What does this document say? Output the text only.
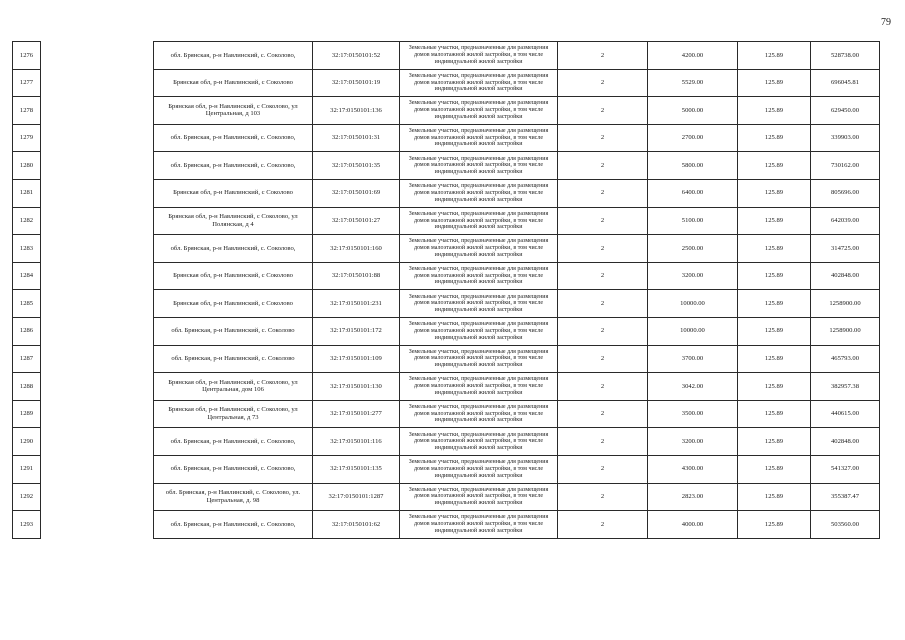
79
1276		обл. Брянская, р-н Навлинский, с. Соколово,	32:17:0150101:52	Земельные участки, предназначенные для размещения домов малоэтажной жилой застройки, в том числе индивидуальной жилой застройки	2	4200.00	125.89	528738.00
1277		Брянская обл, р-н Навлинский, с Соколово	32:17:0150101:19	Земельные участки, предназначенные для размещения домов малоэтажной жилой застройки, в том числе индивидуальной жилой застройки	2	5529.00	125.89	696045.81
1278		Брянская обл, р-н Навлинский, с Соколово, ул Центральная, д 103	32:17:0150101:136	Земельные участки, предназначенные для размещения домов малоэтажной жилой застройки, в том числе индивидуальной жилой застройки	2	5000.00	125.89	629450.00
1279		обл. Брянская, р-н Навлинский, с. Соколово,	32:17:0150101:31	Земельные участки, предназначенные для размещения домов малоэтажной жилой застройки, в том числе индивидуальной жилой застройки	2	2700.00	125.89	339903.00
1280		обл. Брянская, р-н Навлинский, с. Соколово,	32:17:0150101:35	Земельные участки, предназначенные для размещения домов малоэтажной жилой застройки, в том числе индивидуальной жилой застройки	2	5800.00	125.89	730162.00
1281		Брянская обл, р-н Навлинский, с Соколово	32:17:0150101:69	Земельные участки, предназначенные для размещения домов малоэтажной жилой застройки, в том числе индивидуальной жилой застройки	2	6400.00	125.89	805696.00
1282		Брянская обл, р-н Навлинский, с Соколово, ул Полянская, д 4	32:17:0150101:27	Земельные участки, предназначенные для размещения домов малоэтажной жилой застройки, в том числе индивидуальной жилой застройки	2	5100.00	125.89	642039.00
1283		обл. Брянская, р-н Навлинский, с. Соколово,	32:17:0150101:160	Земельные участки, предназначенные для размещения домов малоэтажной жилой застройки, в том числе индивидуальной жилой застройки	2	2500.00	125.89	314725.00
1284		Брянская обл, р-н Навлинский, с Соколово	32:17:0150101:88	Земельные участки, предназначенные для размещения домов малоэтажной жилой застройки, в том числе индивидуальной жилой застройки	2	3200.00	125.89	402848.00
1285		Брянская обл, р-н Навлинский, с Соколово	32:17:0150101:231	Земельные участки, предназначенные для размещения домов малоэтажной жилой застройки, в том числе индивидуальной жилой застройки	2	10000.00	125.89	1258900.00
1286		обл. Брянская, р-н Навлинский, с. Соколово	32:17:0150101:172	Земельные участки, предназначенные для размещения домов малоэтажной жилой застройки, в том числе индивидуальной жилой застройки	2	10000.00	125.89	1258900.00
1287		обл. Брянская, р-н Навлинский, с. Соколово	32:17:0150101:109	Земельные участки, предназначенные для размещения домов малоэтажной жилой застройки, в том числе индивидуальной жилой застройки	2	3700.00	125.89	465793.00
1288		Брянская обл, р-н Навлинский, с Соколово, ул Центральная, дом 106	32:17:0150101:130	Земельные участки, предназначенные для размещения домов малоэтажной жилой застройки, в том числе индивидуальной жилой застройки	2	3042.00	125.89	382957.38
1289		Брянская обл, р-н Навлинский, с Соколово, ул Центральная, д 73	32:17:0150101:277	Земельные участки, предназначенные для размещения домов малоэтажной жилой застройки, в том числе индивидуальной жилой застройки	2	3500.00	125.89	440615.00
1290		обл. Брянская, р-н Навлинский, с. Соколово,	32:17:0150101:116	Земельные участки, предназначенные для размещения домов малоэтажной жилой застройки, в том числе индивидуальной жилой застройки	2	3200.00	125.89	402848.00
1291		обл. Брянская, р-н Навлинский, с. Соколово,	32:17:0150101:135	Земельные участки, предназначенные для размещения домов малоэтажной жилой застройки, в том числе индивидуальной жилой застройки	2	4300.00	125.89	541327.00
1292		обл. Брянская, р-н Навлинский, с. Соколово, ул. Центральная, д. 98	32:17:0150101:1287	Земельные участки, предназначенные для размещения домов малоэтажной жилой застройки, в том числе индивидуальной жилой застройки	2	2823.00	125.89	355387.47
1293		обл. Брянская, р-н Навлинский, с. Соколово,	32:17:0150101:62	Земельные участки, предназначенные для размещения домов малоэтажной жилой застройки, в том числе индивидуальной жилой застройки	2	4000.00	125.89	503560.00
